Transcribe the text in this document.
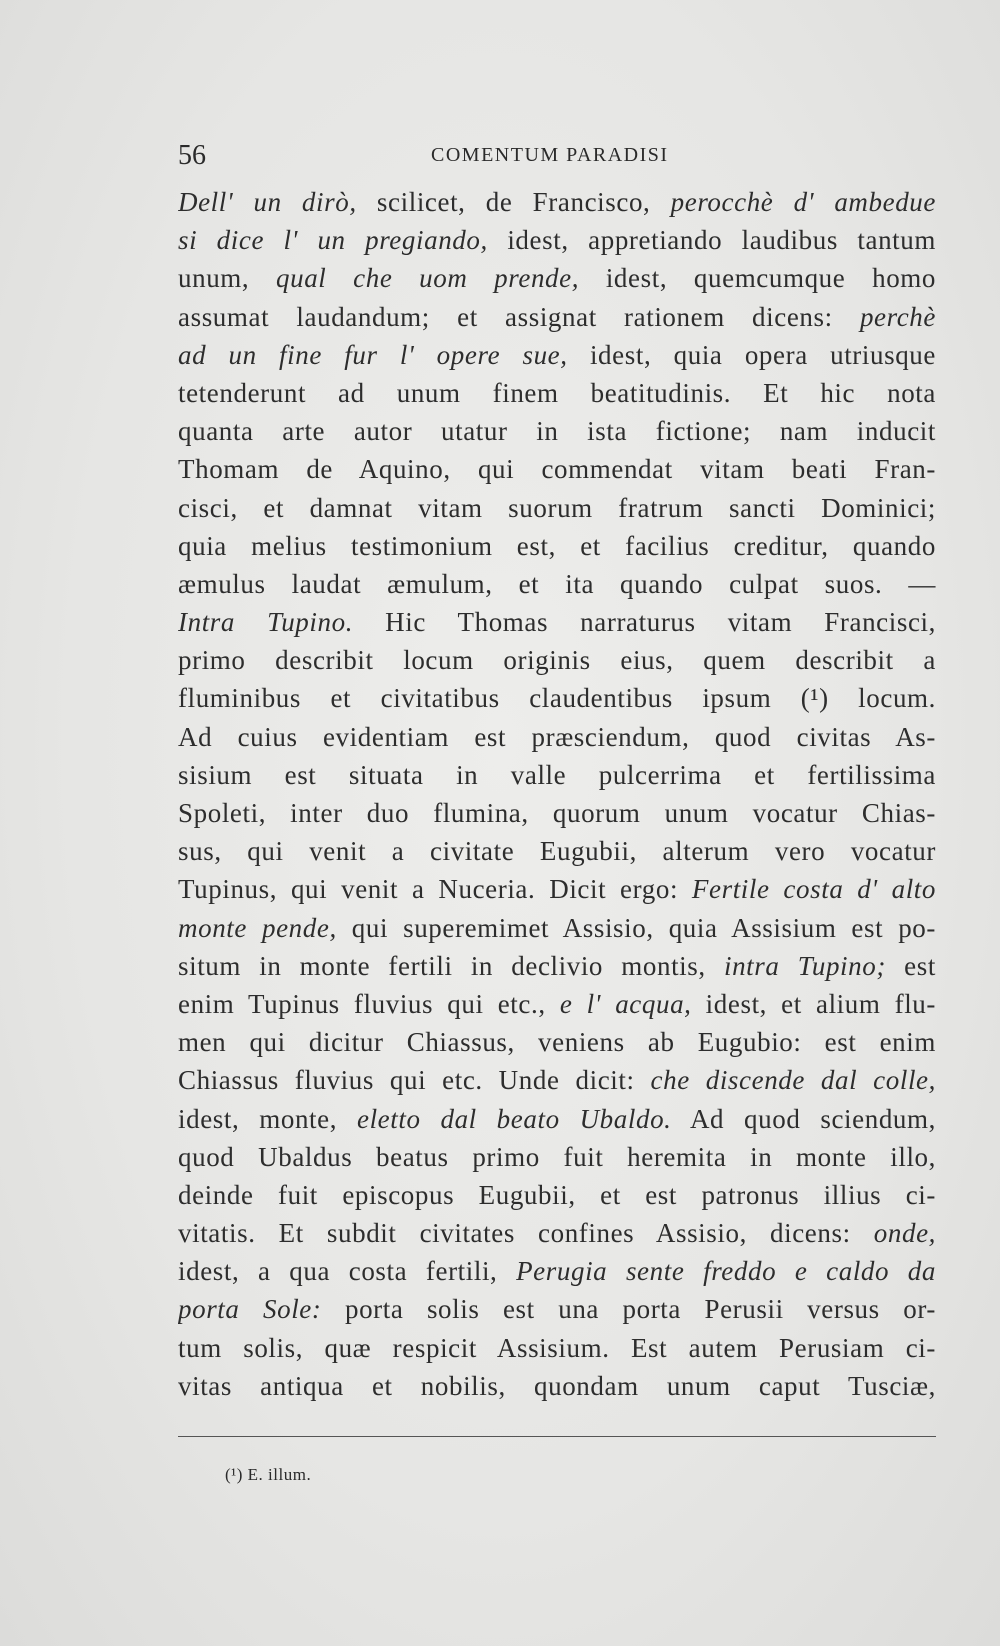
56	COMENTUM PARADISI
Dell' un dirò, scilicet, de Francisco, perocchè d' ambedue
si dice l' un pregiando, idest, appretiando laudibus tantum
unum, qual che uom prende, idest, quemcumque homo
assumat laudandum; et assignat rationem dicens: perchè
ad un fine fur l' opere sue, idest, quia opera utriusque
tetenderunt ad unum finem beatitudinis. Et hic nota
quanta arte autor utatur in ista fictione; nam inducit
Thomam de Aquino, qui commendat vitam beati Fran-
cisci, et damnat vitam suorum fratrum sancti Dominici;
quia melius testimonium est, et facilius creditur, quando
æmulus laudat æmulum, et ita quando culpat suos. —
Intra Tupino. Hic Thomas narraturus vitam Francisci,
primo describit locum originis eius, quem describit a
fluminibus et civitatibus claudentibus ipsum (¹) locum.
Ad cuius evidentiam est præsciendum, quod civitas As-
sisium est situata in valle pulcerrima et fertilissima
Spoleti, inter duo flumina, quorum unum vocatur Chias-
sus, qui venit a civitate Eugubii, alterum vero vocatur
Tupinus, qui venit a Nuceria. Dicit ergo: Fertile costa d' alto
monte pende, qui superemimet Assisio, quia Assisium est po-
situm in monte fertili in declivio montis, intra Tupino; est
enim Tupinus fluvius qui etc., e l' acqua, idest, et alium flu-
men qui dicitur Chiassus, veniens ab Eugubio: est enim
Chiassus fluvius qui etc. Unde dicit: che discende dal colle,
idest, monte, eletto dal beato Ubaldo. Ad quod sciendum,
quod Ubaldus beatus primo fuit heremita in monte illo,
deinde fuit episcopus Eugubii, et est patronus illius ci-
vitatis. Et subdit civitates confines Assisio, dicens: onde,
idest, a qua costa fertili, Perugia sente freddo e caldo da
porta Sole: porta solis est una porta Perusii versus or-
tum solis, quæ respicit Assisium. Est autem Perusiam ci-
vitas antiqua et nobilis, quondam unum caput Tusciæ,
(¹) E. illum.
